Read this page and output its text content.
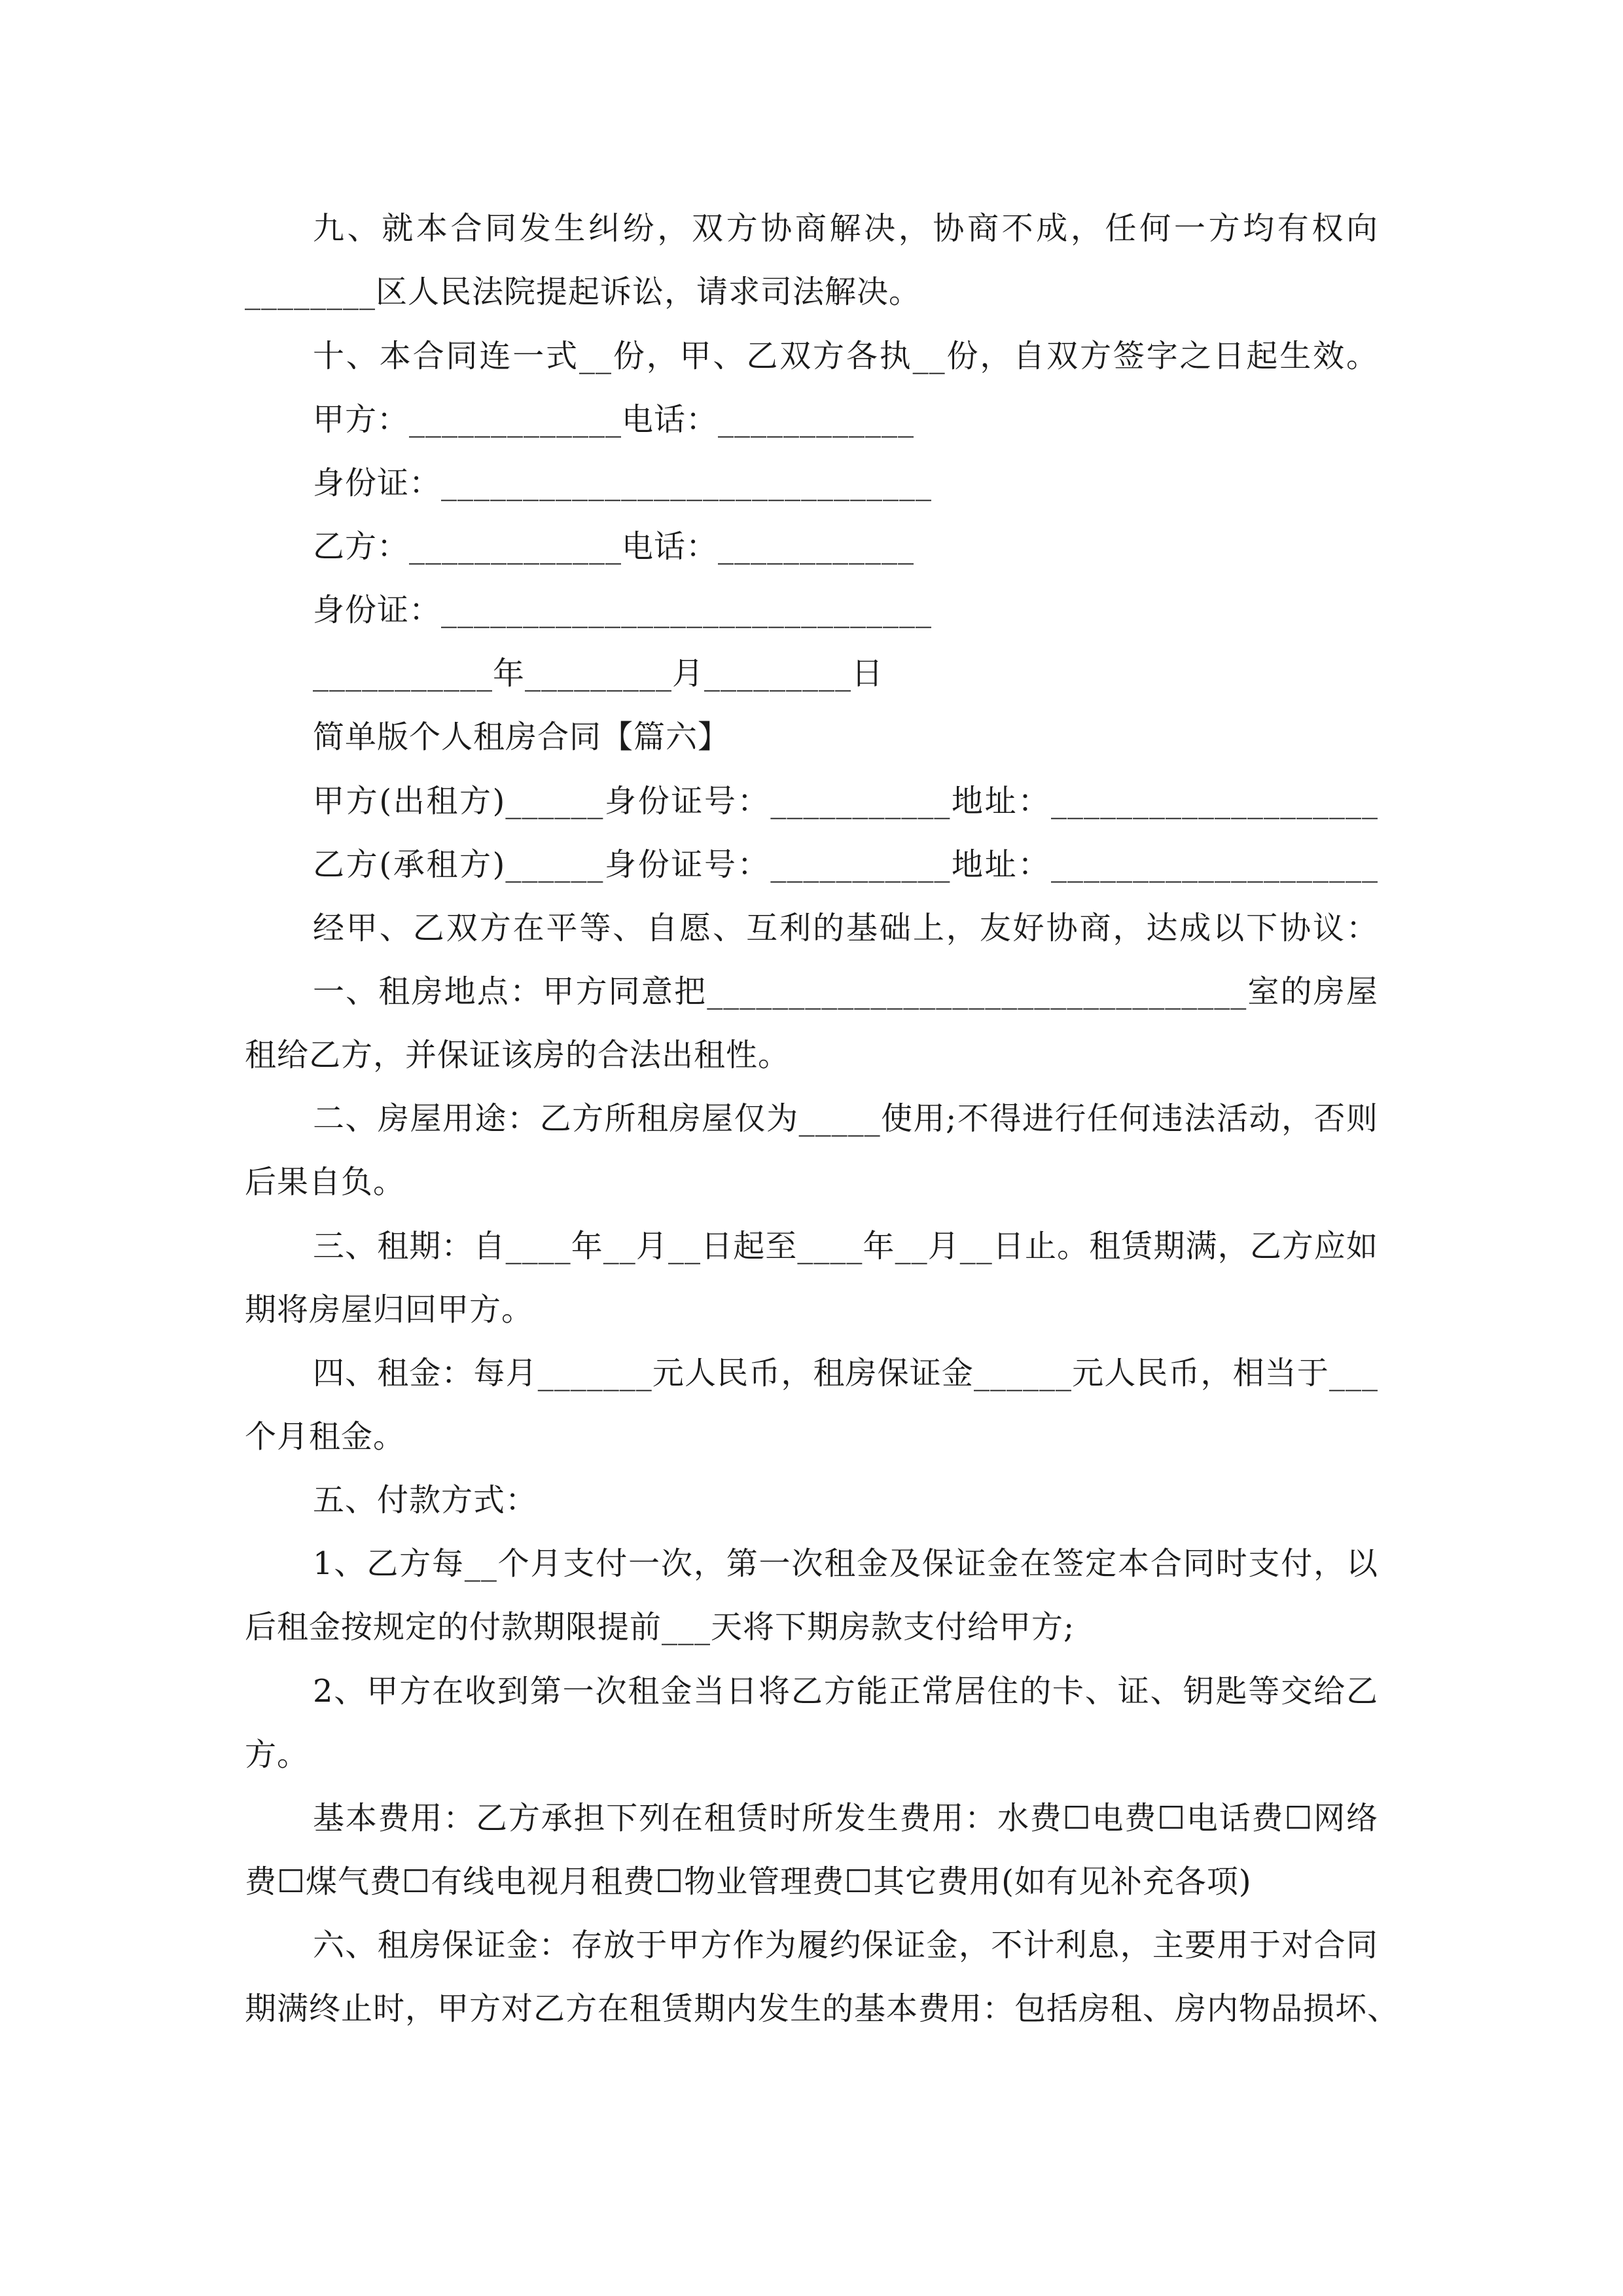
九、就本合同发生纠纷，双方协商解决，协商不成，任何一方均有权向
________区人民法院提起诉讼，请求司法解决。
十、本合同连一式__份，甲、乙双方各执__份，自双方签字之日起生效。
甲方：_____________电话：____________
身份证：______________________________
乙方：_____________电话：____________
身份证：______________________________
___________年_________月_________日
简单版个人租房合同【篇六】
甲方(出租方)______身份证号：___________地址：____________________
乙方(承租方)______身份证号：___________地址：____________________
经甲、乙双方在平等、自愿、互利的基础上，友好协商，达成以下协议：
一、租房地点：甲方同意把_________________________________室的房屋
租给乙方，并保证该房的合法出租性。
二、房屋用途：乙方所租房屋仅为_____使用;不得进行任何违法活动，否则
后果自负。
三、租期：自____年__月__日起至____年__月__日止。租赁期满，乙方应如
期将房屋归回甲方。
四、租金：每月_______元人民币，租房保证金______元人民币，相当于___
个月租金。
五、付款方式：
1、乙方每__个月支付一次，第一次租金及保证金在签定本合同时支付，以
后租金按规定的付款期限提前___天将下期房款支付给甲方;
2、甲方在收到第一次租金当日将乙方能正常居住的卡、证、钥匙等交给乙
方。
基本费用：乙方承担下列在租赁时所发生费用：水费☐电费☐电话费☐网络
费☐煤气费☐有线电视月租费☐物业管理费☐其它费用(如有见补充各项)
六、租房保证金：存放于甲方作为履约保证金，不计利息，主要用于对合同
期满终止时，甲方对乙方在租赁期内发生的基本费用：包括房租、房内物品损坏、
